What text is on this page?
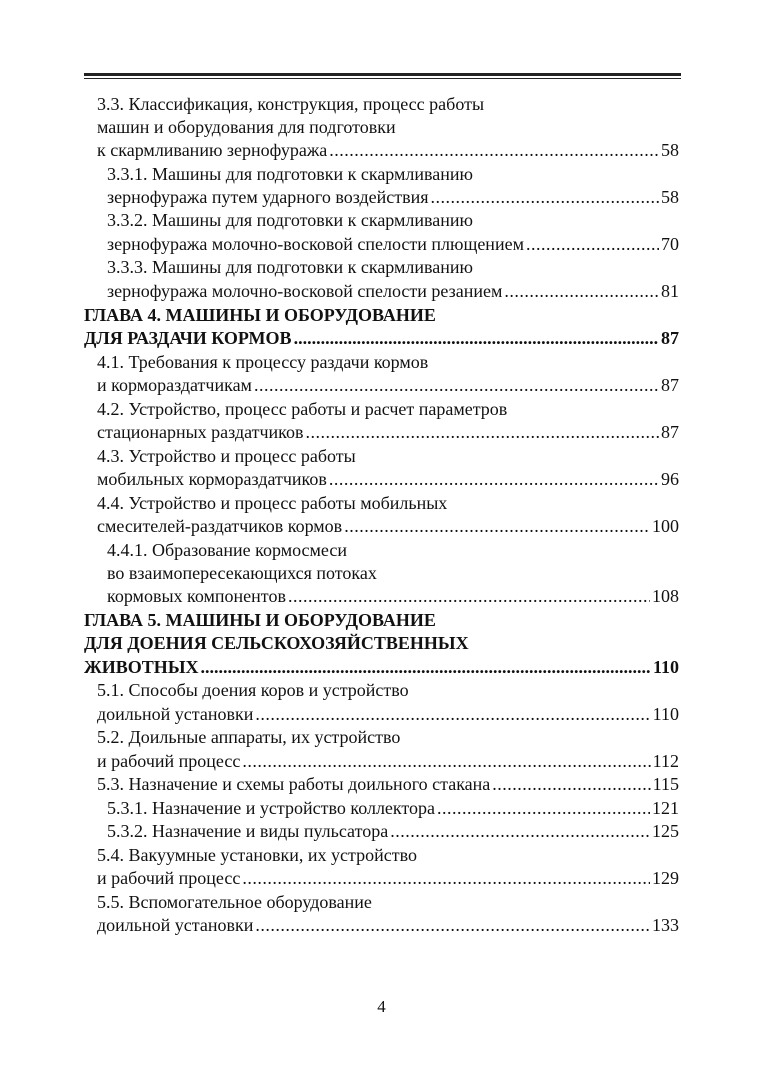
3.3. Классификация, конструкция, процесс работы
машин и оборудования для подготовки
к скармливанию зернофуража .....	58
3.3.1. Машины для подготовки к скармливанию
зернофуража путем ударного воздействия .....	58
3.3.2. Машины для подготовки к скармливанию
зернофуража молочно-восковой спелости плющением .....	70
3.3.3. Машины для подготовки к скармливанию
зернофуража молочно-восковой спелости резанием .....	81
ГЛАВА 4. МАШИНЫ И ОБОРУДОВАНИЕ
ДЛЯ РАЗДАЧИ КОРМОВ .....	87
4.1. Требования к процессу раздачи кормов
и кормораздатчикам .....	87
4.2. Устройство, процесс работы и расчет параметров
стационарных раздатчиков .....	87
4.3. Устройство и процесс работы
мобильных кормораздатчиков .....	96
4.4. Устройство и процесс работы мобильных
смесителей-раздатчиков кормов .....	100
4.4.1. Образование кормосмеси
во взаимопересекающихся потоках
кормовых компонентов .....	108
ГЛАВА 5. МАШИНЫ И ОБОРУДОВАНИЕ
ДЛЯ ДОЕНИЯ СЕЛЬСКОХОЗЯЙСТВЕННЫХ
ЖИВОТНЫХ .....	110
5.1. Способы доения коров и устройство
доильной установки .....	110
5.2. Доильные аппараты, их устройство
и рабочий процесс .....	112
5.3. Назначение и схемы работы доильного стакана .....	115
5.3.1. Назначение и устройство коллектора .....	121
5.3.2. Назначение и виды пульсатора .....	125
5.4. Вакуумные установки, их устройство
и рабочий процесс .....	129
5.5. Вспомогательное оборудование
доильной установки .....	133
4
